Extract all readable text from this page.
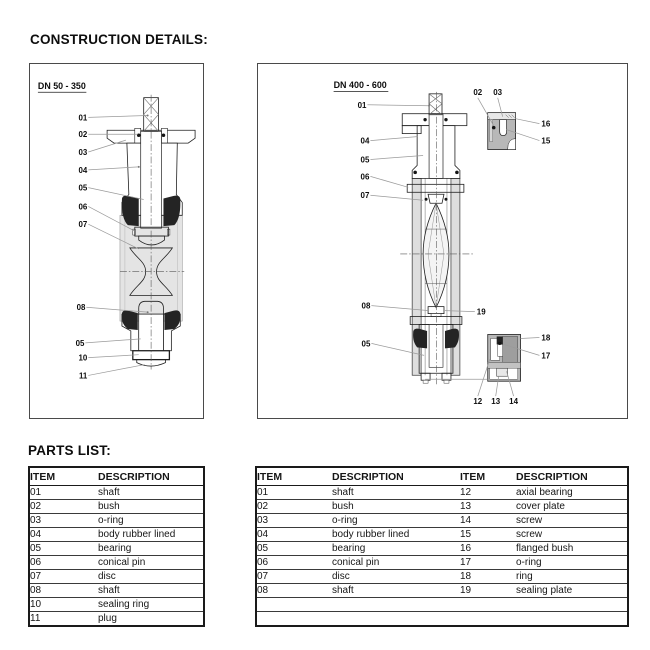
CONSTRUCTION DETAILS:
DN 50 - 350
01
02
03
04
05
06
07
08
05
10
11
DN 400 - 600
01
04
05
06
07
08
19
05
02 03
16
15
18
17
12 13 14
PARTS LIST:
ITEM	DESCRIPTION
01	shaft
02	bush
03	o-ring
04	body rubber lined
05	bearing
06	conical pin
07	disc
08	shaft
10	sealing ring
11	plug
ITEM	DESCRIPTION	ITEM	DESCRIPTION
01	shaft	12	axial bearing
02	bush	13	cover plate
03	o-ring	14	screw
04	body rubber lined	15	screw
05	bearing	16	flanged bush
06	conical pin	17	o-ring
07	disc	18	ring
08	shaft	19	sealing plate
